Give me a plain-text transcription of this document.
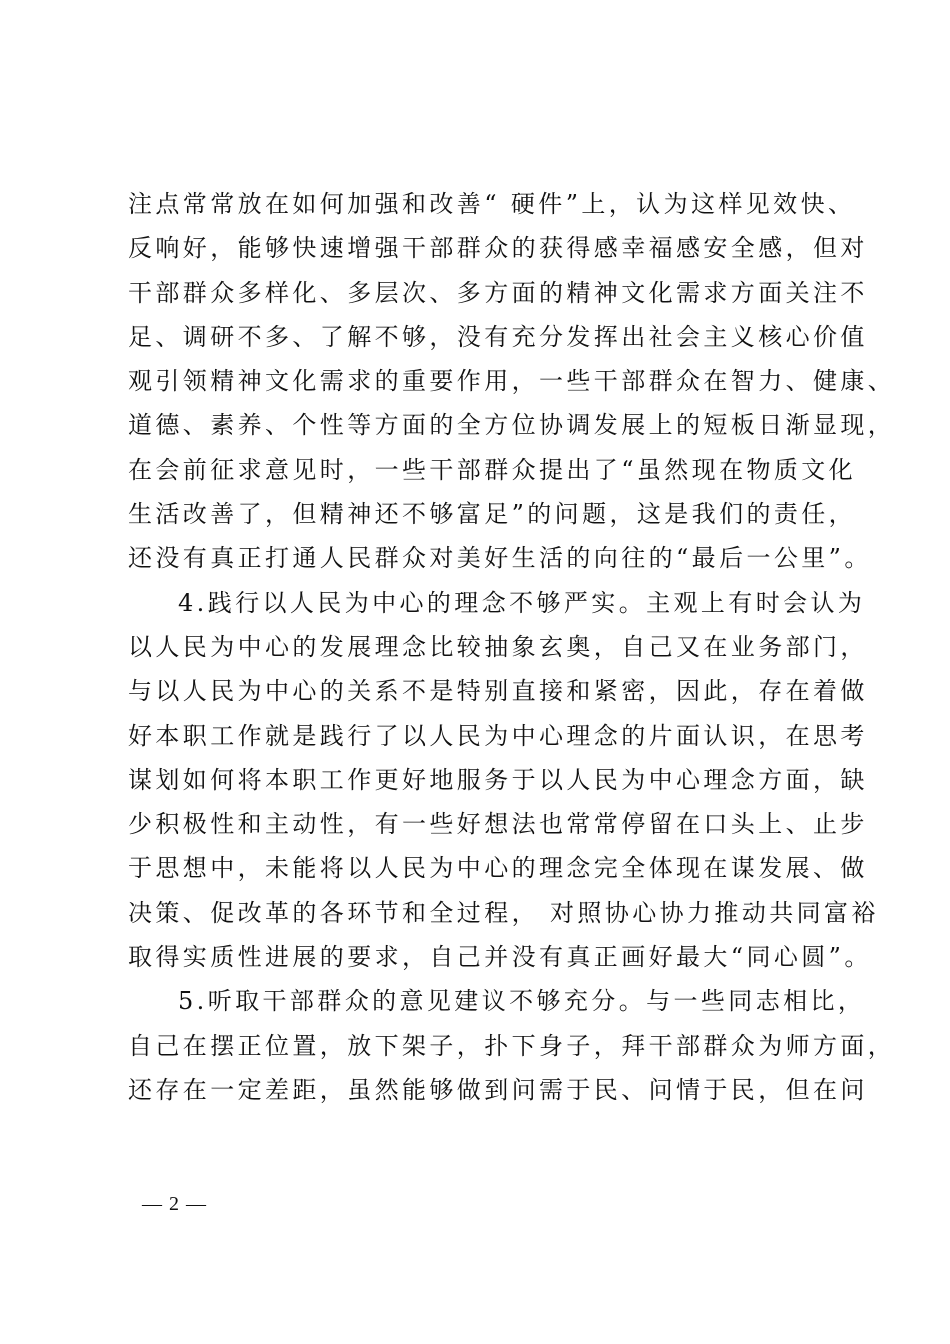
注点常常放在如何加强和改善“ 硬件”上，认为这样见效快、
反响好，能够快速增强干部群众的获得感幸福感安全感，但对
干部群众多样化、多层次、多方面的精神文化需求方面关注不
足、调研不多、了解不够，没有充分发挥出社会主义核心价值
观引领精神文化需求的重要作用，一些干部群众在智力、健康、
道德、素养、个性等方面的全方位协调发展上的短板日渐显现，
在会前征求意见时，一些干部群众提出了“虽然现在物质文化
生活改善了，但精神还不够富足”的问题，这是我们的责任，
还没有真正打通人民群众对美好生活的向往的“最后一公里”。
4.践行以人民为中心的理念不够严实。主观上有时会认为
以人民为中心的发展理念比较抽象玄奥，自己又在业务部门，
与以人民为中心的关系不是特别直接和紧密，因此，存在着做
好本职工作就是践行了以人民为中心理念的片面认识，在思考
谋划如何将本职工作更好地服务于以人民为中心理念方面，缺
少积极性和主动性，有一些好想法也常常停留在口头上、止步
于思想中，未能将以人民为中心的理念完全体现在谋发展、做
决策、促改革的各环节和全过程， 对照协心协力推动共同富裕
取得实质性进展的要求，自己并没有真正画好最大“同心圆”。
5.听取干部群众的意见建议不够充分。与一些同志相比，
自己在摆正位置，放下架子，扑下身子，拜干部群众为师方面，
还存在一定差距，虽然能够做到问需于民、问情于民，但在问
— 2 —
